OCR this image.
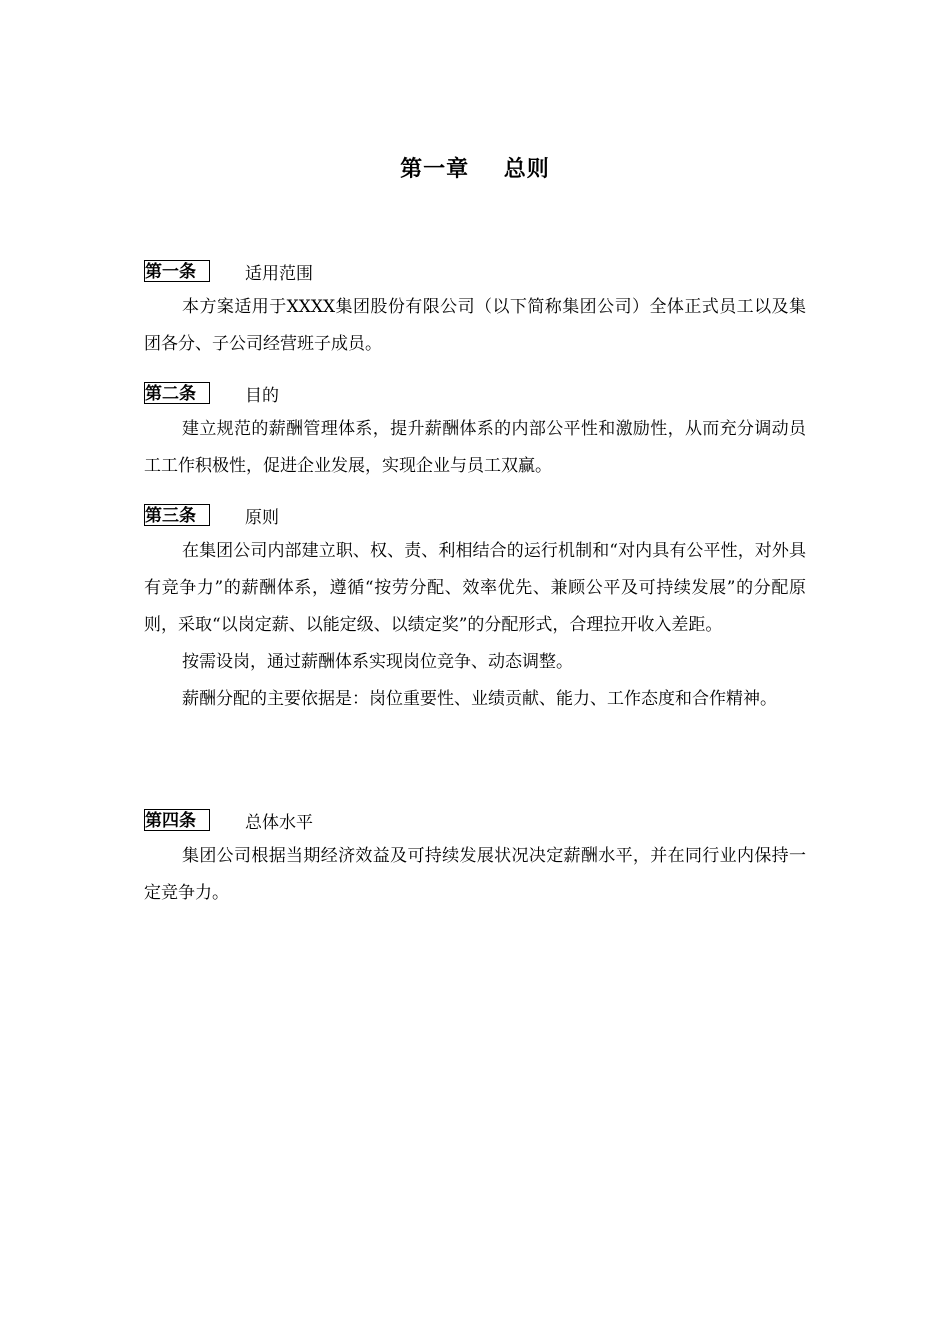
第一章    总则
第一条	适用范围

本方案适用于XXXX集团股份有限公司（以下简称集团公司）全体正式员工以及集团各分、子公司经营班子成员。

第二条	目的

建立规范的薪酬管理体系，提升薪酬体系的内部公平性和激励性，从而充分调动员工工作积极性，促进企业发展，实现企业与员工双赢。

第三条	原则

在集团公司内部建立职、权、责、利相结合的运行机制和“对内具有公平性，对外具有竞争力”的薪酬体系，遵循“按劳分配、效率优先、兼顾公平及可持续发展”的分配原则，采取“以岗定薪、以能定级、以绩定奖”的分配形式，合理拉开收入差距。

按需设岗，通过薪酬体系实现岗位竞争、动态调整。

薪酬分配的主要依据是：岗位重要性、业绩贡献、能力、工作态度和合作精神。

第四条	总体水平

集团公司根据当期经济效益及可持续发展状况决定薪酬水平，并在同行业内保持一定竞争力。
